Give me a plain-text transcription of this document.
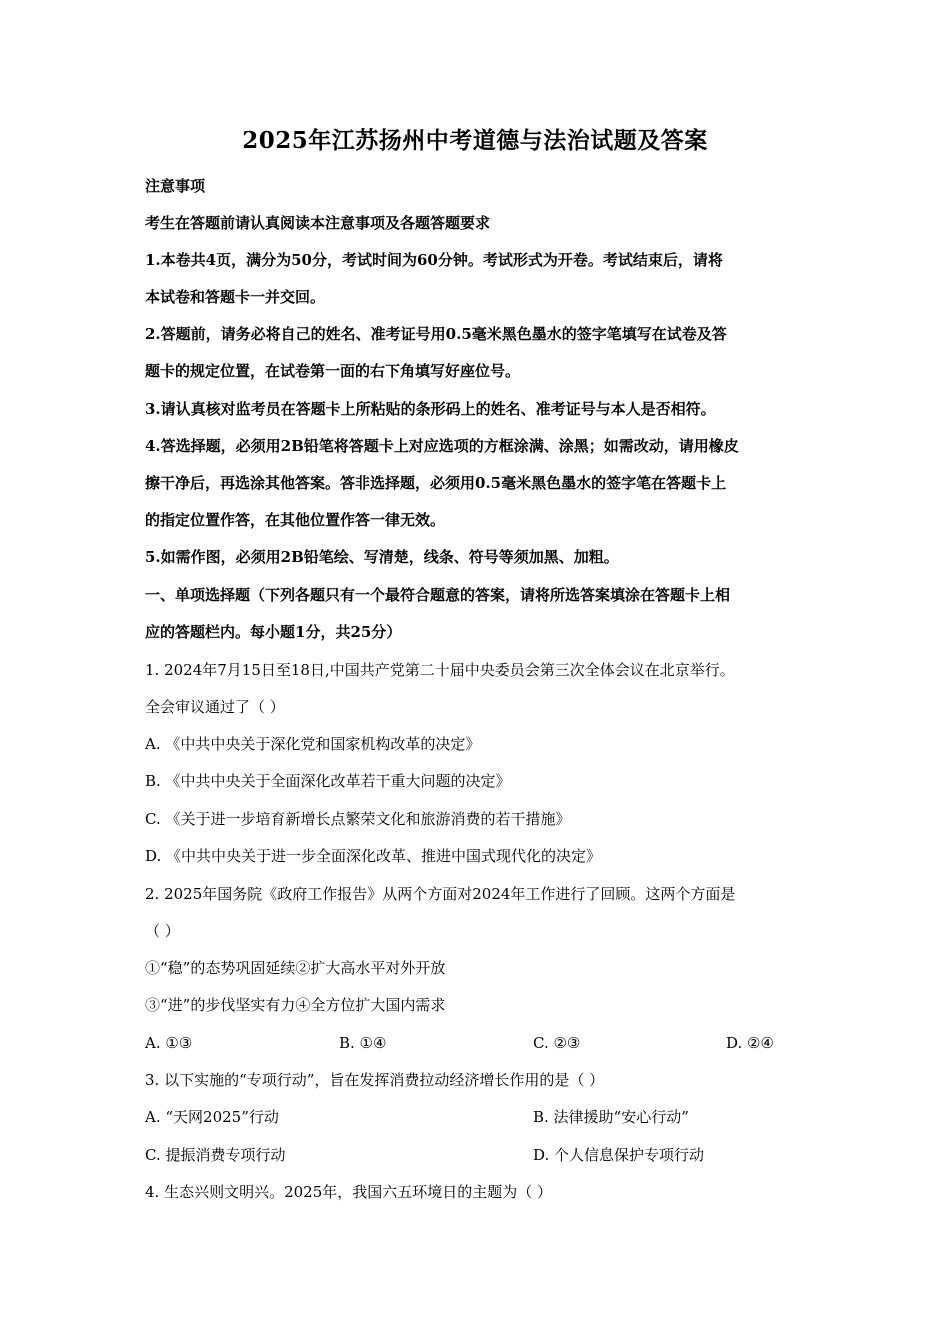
2025年江苏扬州中考道德与法治试题及答案
注意事项
考生在答题前请认真阅读本注意事项及各题答题要求
1.本卷共4页，满分为50分，考试时间为60分钟。考试形式为开卷。考试结束后，请将
本试卷和答题卡一并交回。
2.答题前，请务必将自己的姓名、准考证号用0.5毫米黑色墨水的签字笔填写在试卷及答
题卡的规定位置，在试卷第一面的右下角填写好座位号。
3.请认真核对监考员在答题卡上所粘贴的条形码上的姓名、准考证号与本人是否相符。
4.答选择题，必须用2B铅笔将答题卡上对应选项的方框涂满、涂黑；如需改动，请用橡皮
擦干净后，再选涂其他答案。答非选择题，必须用0.5毫米黑色墨水的签字笔在答题卡上
的指定位置作答，在其他位置作答一律无效。
5.如需作图，必须用2B铅笔绘、写清楚，线条、符号等须加黑、加粗。
一、单项选择题（下列各题只有一个最符合题意的答案，请将所选答案填涂在答题卡上相
应的答题栏内。每小题1分，共25分）
1. 2024年7月15日至18日,中国共产党第二十届中央委员会第三次全体会议在北京举行。
全会审议通过了（ ）
A. 《中共中央关于深化党和国家机构改革的决定》
B. 《中共中央关于全面深化改革若干重大问题的决定》
C. 《关于进一步培育新增长点繁荣文化和旅游消费的若干措施》
D. 《中共中央关于进一步全面深化改革、推进中国式现代化的决定》
2. 2025年国务院《政府工作报告》从两个方面对2024年工作进行了回顾。这两个方面是
（ ）
①“稳”的态势巩固延续②扩大高水平对外开放
③“进”的步伐坚实有力④全方位扩大国内需求
A. ①③	B. ①④	C. ②③	D. ②④
3. 以下实施的“专项行动”，旨在发挥消费拉动经济增长作用的是（ ）
A. “天网2025”行动	B. 法律援助“安心行动”
C. 提振消费专项行动	D. 个人信息保护专项行动
4. 生态兴则文明兴。2025年，我国六五环境日的主题为（ ）
